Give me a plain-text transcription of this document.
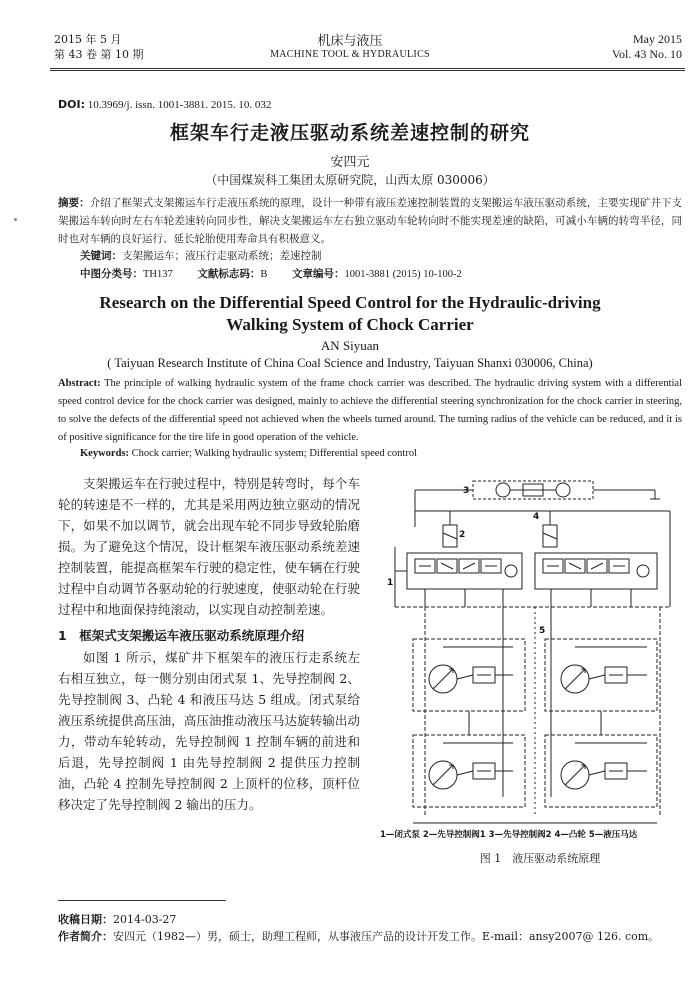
2015 年 5 月
第 43 卷 第 10 期
机床与液压
MACHINE TOOL & HYDRAULICS
May 2015
Vol. 43 No. 10
DOI: 10.3969/j. issn. 1001-3881. 2015. 10. 032
框架车行走液压驱动系统差速控制的研究
安四元
（中国煤炭科工集团太原研究院，山西太原 030006）
摘要：介绍了框架式支架搬运车行走液压系统的原理，设计一种带有液压差速控制装置的支架搬运车液压驱动系统，主要实现矿井下支架搬运车转向时左右车轮差速转向同步性，解决支架搬运车左右独立驱动车轮转向时不能实现差速的缺陷，可减小车辆的转弯半径，同时也对车辆的良好运行、延长轮胎使用寿命具有积极意义。
关键词：支架搬运车；液压行走驱动系统；差速控制
中图分类号：TH137 文献标志码：B 文章编号：1001-3881 (2015) 10-100-2
Research on the Differential Speed Control for the Hydraulic-driving
Walking System of Chock Carrier
AN Siyuan
( Taiyuan Research Institute of China Coal Science and Industry, Taiyuan Shanxi 030006, China)
Abstract: The principle of walking hydraulic system of the frame chock carrier was described. The hydraulic driving system with a differential speed control device for the chock carrier was designed, mainly to achieve the differential steering synchronization for the chock carrier in steering, to solve the defects of the differential speed not achieved when the wheels turned around. The turning radius of the vehicle can be reduced, and it is of positive significance for the tire life in good operation of the vehicle.
Keywords: Chock carrier; Walking hydraulic system; Differential speed control
支架搬运车在行驶过程中，特别是转弯时，每个车轮的转速是不一样的，尤其是采用两边独立驱动的情况下，如果不加以调节，就会出现车轮不同步导致轮胎磨损。为了避免这个情况，设计框架车液压驱动系统差速控制装置，能提高框架车行驶的稳定性，使车辆在行驶过程中自动调节各驱动轮的行驶速度，使驱动轮在行驶过程中和地面保持纯滚动，以实现自动控制差速。
1　框架式支架搬运车液压驱动系统原理介绍
如图 1 所示，煤矿井下框架车的液压行走系统左右相互独立，每一侧分别由闭式泵 1、先导控制阀 2、先导控制阀 3、凸轮 4 和液压马达 5 组成。闭式泵给液压系统提供高压油，高压油推动液压马达旋转输出动力，带动车轮转动，先导控制阀 1 控制车辆的前进和后退，先导控制阀 1 由先导控制阀 2 提供压力控制油，凸轮 4 控制先导控制阀 2 上顶杆的位移，顶杆位移决定了先导控制阀 2 输出的压力。
3
4
2
1
5
1—闭式泵 2—先导控制阀1 3—先导控制阀2 4—凸轮 5—液压马达
图 1　液压驱动系统原理
收稿日期：2014-03-27
作者简介：安四元（1982—）男，硕士，助理工程师，从事液压产品的设计开发工作。E-mail：ansy2007@ 126. com。
